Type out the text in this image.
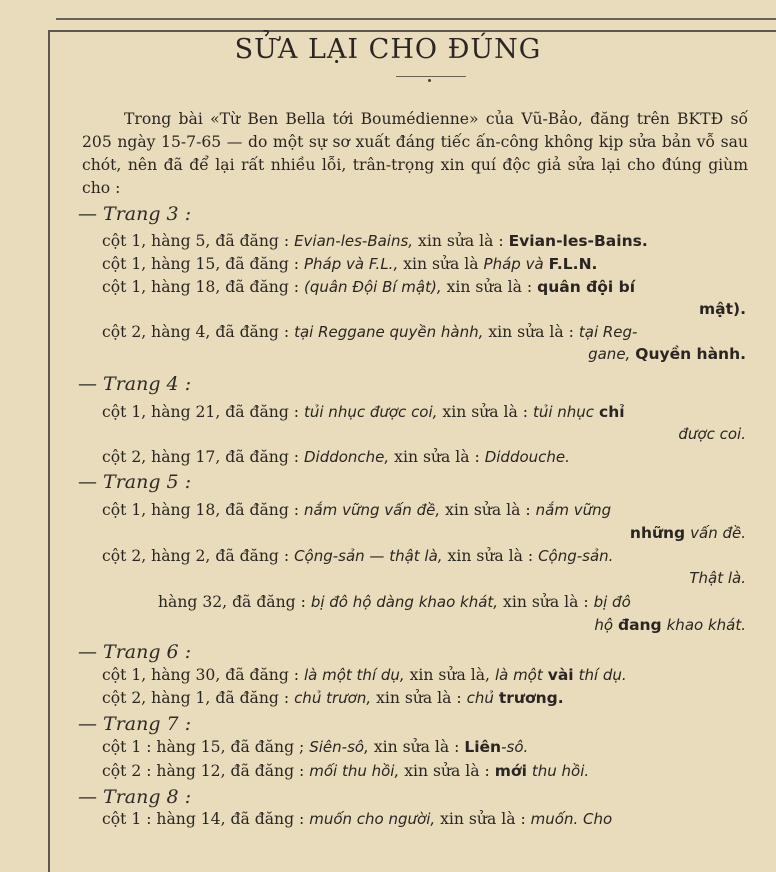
SỬA LẠI CHO ĐÚNG
Trong bài «Từ Ben Bella tới Boumédienne» của Vũ-Bảo, đăng trên BKTĐ số 205 ngày 15-7-65 — do một sự sơ xuất đáng tiếc ấn-công không kịp sửa bản vỗ sau chót, nên đã để lại rất nhiều lỗi, trân-trọng xin quí độc giả sửa lại cho đúng giùm cho :
— Trang 3 :
cột 1, hàng 5, đã đăng : Evian-les-Bains, xin sửa là : Evian-les-Bains.
cột 1, hàng 15, đã đăng : Pháp và F.L., xin sửa là Pháp và F.L.N.
cột 1, hàng 18, đã đăng : (quân Đội Bí mật), xin sửa là : quân đội bí
mật).
cột 2, hàng 4, đã đăng : tại Reggane quyền hành, xin sửa là : tại Reg-
gane, Quyền hành.
— Trang 4 :
cột 1, hàng 21, đã đăng : tủi nhục được coi, xin sửa là : tủi nhục chỉ
được coi.
cột 2, hàng 17, đã đăng : Diddonche, xin sửa là : Diddouche.
— Trang 5 :
cột 1, hàng 18, đã đăng : nắm vững vấn đề, xin sửa là : nắm vững
những vấn đề.
cột 2, hàng 2, đã đăng : Cộng-sản — thật là, xin sửa là : Cộng-sản.
Thật là.
hàng 32, đã đăng : bị đô hộ dàng khao khát, xin sửa là : bị đô
hộ đang khao khát.
— Trang 6 :
cột 1, hàng 30, đã đăng : là một thí dụ, xin sửa là, là một vài thí dụ.
cột 2, hàng 1, đã đăng : chủ trươn, xin sửa là : chủ trương.
— Trang 7 :
cột 1 : hàng 15, đã đăng ; Siên-sô, xin sửa là : Liên-sô.
cột 2 : hàng 12, đã đăng : mối thu hồi, xin sửa là : mới thu hồi.
— Trang 8 :
cột 1 : hàng 14, đã đăng : muốn cho người, xin sửa là : muốn. Cho
